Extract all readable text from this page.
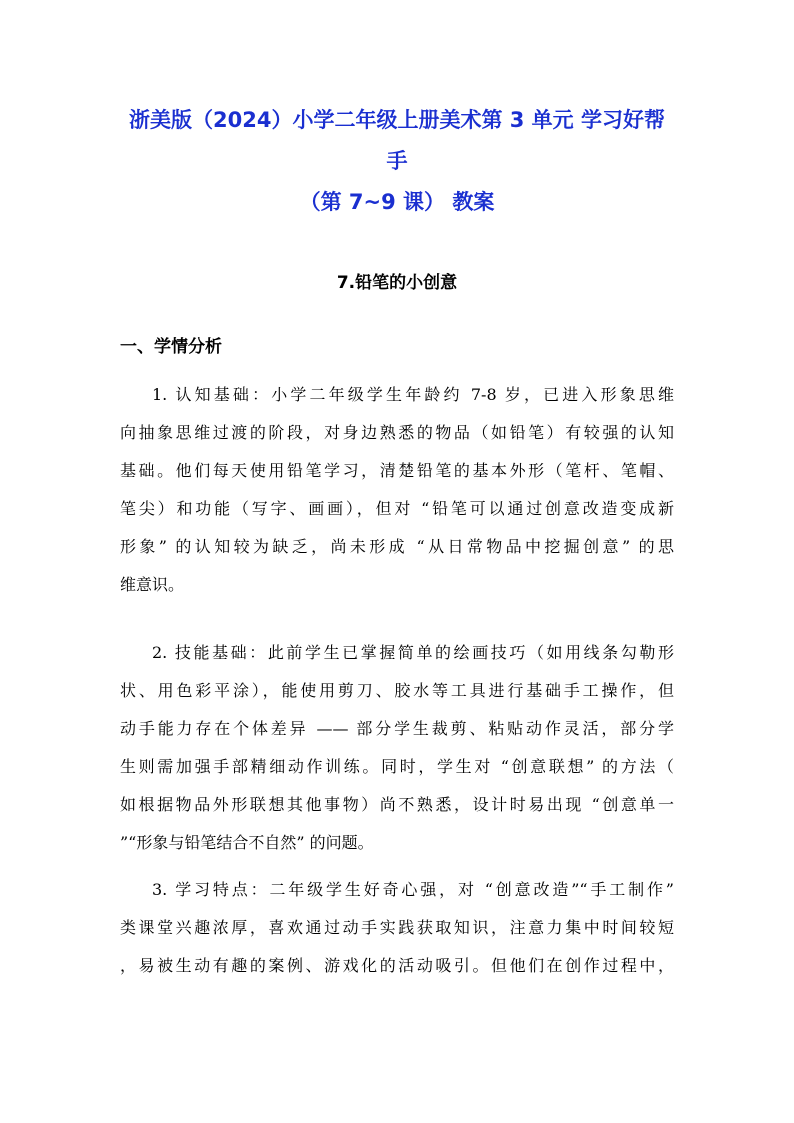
浙美版（2024）小学二年级上册美术第 3 单元 学习好帮
手
（第 7~9 课） 教案
7.铅笔的小创意
一、学情分析

1. 认知基础：小学二年级学生年龄约 7-8 岁，已进入形象思维
向抽象思维过渡的阶段，对身边熟悉的物品（如铅笔）有较强的认知
基础。他们每天使用铅笔学习，清楚铅笔的基本外形（笔杆、笔帽、
笔尖）和功能（写字、画画），但对 “铅笔可以通过创意改造变成新
形象” 的认知较为缺乏，尚未形成 “从日常物品中挖掘创意” 的思
维意识。

2. 技能基础：此前学生已掌握简单的绘画技巧（如用线条勾勒形
状、用色彩平涂），能使用剪刀、胶水等工具进行基础手工操作，但
动手能力存在个体差异 —— 部分学生裁剪、粘贴动作灵活，部分学
生则需加强手部精细动作训练。同时，学生对 “创意联想” 的方法（
如根据物品外形联想其他事物）尚不熟悉，设计时易出现 “创意单一
”“形象与铅笔结合不自然” 的问题。

3. 学习特点：二年级学生好奇心强，对 “创意改造”“手工制作”
类课堂兴趣浓厚，喜欢通过动手实践获取知识，注意力集中时间较短
，易被生动有趣的案例、游戏化的活动吸引。但他们在创作过程中，
